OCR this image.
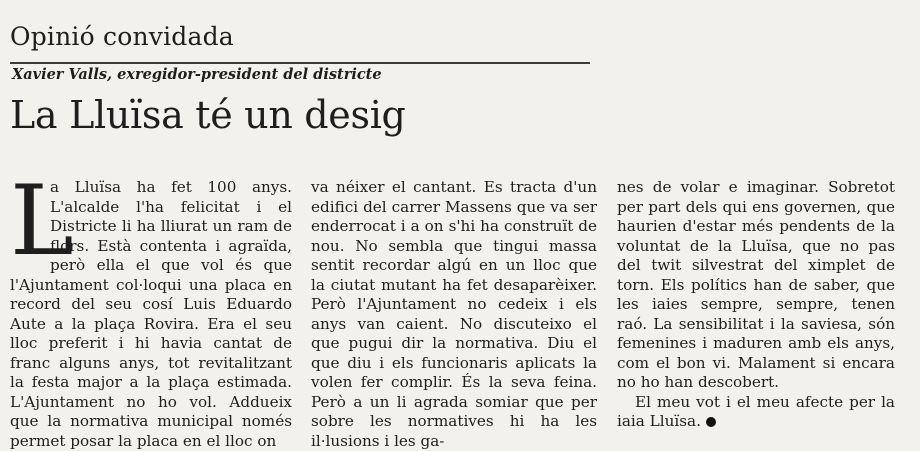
Opinió convidada
Xavier Valls, exregidor-president del districte
La Lluïsa té un desig

L
a Lluïsa ha fet 100 anys. L'alcalde l'ha felicitat i el Districte li ha lliurat un ram de flors. Està contenta i agraïda, però ella el que vol és que l'Ajuntament col·loqui una placa en record del seu cosí Luis Eduardo Aute a la plaça Rovira. Era el seu lloc preferit i hi havia cantat de franc alguns anys, tot revitalitzant la festa major a la plaça estimada. L'Ajuntament no ho vol. Addueix que la normativa municipal només permet posar la placa en el lloc on

va néixer el cantant. Es tracta d'un edifici del carrer Massens que va ser enderrocat i a on s'hi ha construït de nou. No sembla que tingui massa sentit recordar algú en un lloc que la ciutat mutant ha fet desaparèixer. Però l'Ajuntament no cedeix i els anys van caient. No discuteixo el que pugui dir la normativa. Diu el que diu i els funcionaris aplicats la volen fer complir. És la seva feina. Però a un li agrada somiar que per sobre les normatives hi ha les il·lusions i les ga-

nes de volar e imaginar. Sobretot per part dels qui ens governen, que haurien d'estar més pendents de la voluntat de la Lluïsa, que no pas del twit silvestrat del ximplet de torn. Els polítics han de saber, que les iaies sempre, sempre, tenen raó. La sensibilitat i la saviesa, són femenines i maduren amb els anys, com el bon vi. Malament si encara no ho han descobert.

El meu vot i el meu afecte per la iaia Lluïsa.
